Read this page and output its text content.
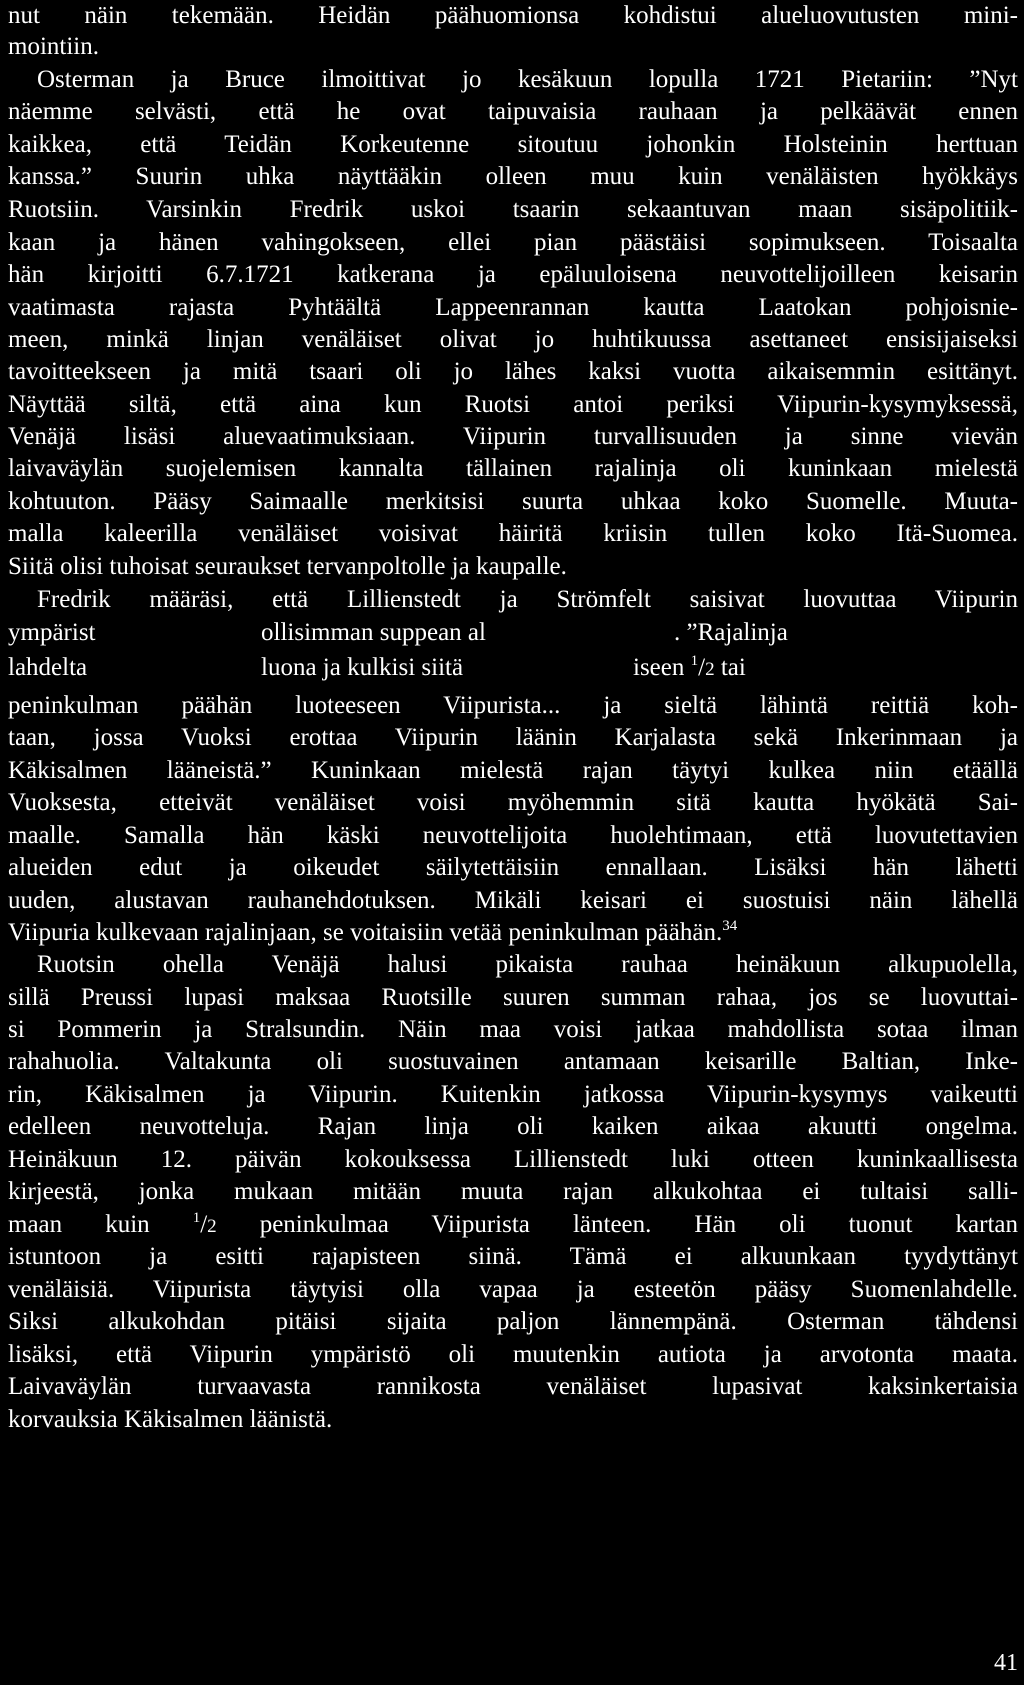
nut näin tekemään. Heidän päähuomionsa kohdistui alueluovutusten mini-
mointiin.
Osterman ja Bruce ilmoittivat jo kesäkuun lopulla 1721 Pietariin: ”Nyt
näemme selvästi, että he ovat taipuvaisia rauhaan ja pelkäävät ennen
kaikkea, että Teidän Korkeutenne sitoutuu johonkin Holsteinin herttuan
kanssa.” Suurin uhka näyttääkin olleen muu kuin venäläisten hyökkäys
Ruotsiin. Varsinkin Fredrik uskoi tsaarin sekaantuvan maan sisäpolitiik-
kaan ja hänen vahingokseen, ellei pian päästäisi sopimukseen. Toisaalta
hän kirjoitti 6.7.1721 katkerana ja epäluuloisena neuvottelijoilleen keisarin
vaatimasta rajasta Pyhtäältä Lappeenrannan kautta Laatokan pohjoisnie-
meen, minkä linjan venäläiset olivat jo huhtikuussa asettaneet ensisijaiseksi
tavoitteekseen ja mitä tsaari oli jo lähes kaksi vuotta aikaisemmin esittänyt.
Näyttää siltä, että aina kun Ruotsi antoi periksi Viipurin-kysymyksessä,
Venäjä lisäsi aluevaatimuksiaan. Viipurin turvallisuuden ja sinne vievän
laivaväylän suojelemisen kannalta tällainen rajalinja oli kuninkaan mielestä
kohtuuton. Pääsy Saimaalle merkitsisi suurta uhkaa koko Suomelle. Muuta-
malla kaleerilla venäläiset voisivat häiritä kriisin tullen koko Itä-Suomea.
Siitä olisi tuhoisat seuraukset tervanpoltolle ja kaupalle.
Fredrik määräsi, että Lillienstedt ja Strömfelt saisivat luovuttaa Viipurin
ympärist	ollisimman suppean al	. ”Rajalinja
lahdelta	luona ja kulkisi siitä	iseen $^1$/2 tai
peninkulman päähän luoteeseen Viipurista... ja sieltä lähintä reittiä koh-
taan, jossa Vuoksi erottaa Viipurin läänin Karjalasta sekä Inkerinmaan ja
Käkisalmen lääneistä.” Kuninkaan mielestä rajan täytyi kulkea niin etäällä
Vuoksesta, etteivät venäläiset voisi myöhemmin sitä kautta hyökätä Sai-
maalle. Samalla hän käski neuvottelijoita huolehtimaan, että luovutettavien
alueiden edut ja oikeudet säilytettäisiin ennallaan. Lisäksi hän lähetti
uuden, alustavan rauhanehdotuksen. Mikäli keisari ei suostuisi näin lähellä
Viipuria kulkevaan rajalinjaan, se voitaisiin vetää peninkulman päähän.$^{34}$
Ruotsin ohella Venäjä halusi pikaista rauhaa heinäkuun alkupuolella,
sillä Preussi lupasi maksaa Ruotsille suuren summan rahaa, jos se luovuttai-
si Pommerin ja Stralsundin. Näin maa voisi jatkaa mahdollista sotaa ilman
rahahuolia. Valtakunta oli suostuvainen antamaan keisarille Baltian, Inke-
rin, Käkisalmen ja Viipurin. Kuitenkin jatkossa Viipurin-kysymys vaikeutti
edelleen neuvotteluja. Rajan linja oli kaiken aikaa akuutti ongelma.
Heinäkuun 12. päivän kokouksessa Lillienstedt luki otteen kuninkaallisesta
kirjeestä, jonka mukaan mitään muuta rajan alkukohtaa ei tultaisi salli-
maan kuin $^1$/2 peninkulmaa Viipurista länteen. Hän oli tuonut kartan
istuntoon ja esitti rajapisteen siinä. Tämä ei alkuunkaan tyydyttänyt
venäläisiä. Viipurista täytyisi olla vapaa ja esteetön pääsy Suomenlahdelle.
Siksi alkukohdan pitäisi sijaita paljon lännempänä. Osterman tähdensi
lisäksi, että Viipurin ympäristö oli muutenkin autiota ja arvotonta maata.
Laivaväylän turvaavasta rannikosta venäläiset lupasivat kaksinkertaisia
korvauksia Käkisalmen läänistä.
41
